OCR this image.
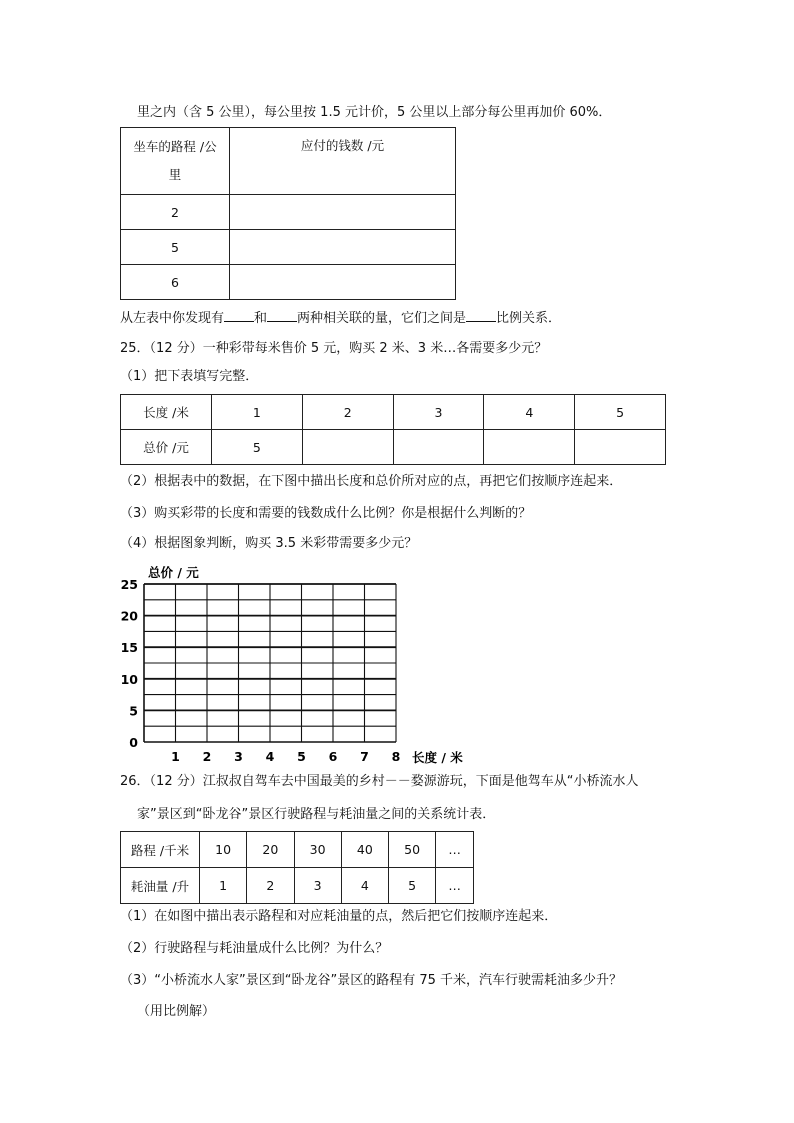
里之内（含 5 公里），每公里按 1.5 元计价，5 公里以上部分每公里再加价 60%．
坐车的路程 /公
里	应付的钱数 /元
2	
5	
6	
从左表中你发现有 和 两种相关联的量，它们之间是 比例关系．
25．（12 分）一种彩带每米售价 5 元，购买 2 米、3 米…各需要多少元？
（1）把下表填写完整．
长度 /米	1	2	3	4	5
总价 /元	5				
（2）根据表中的数据，在下图中描出长度和总价所对应的点，再把它们按顺序连起来．
（3）购买彩带的长度和需要的钱数成什么比例？你是根据什么判断的？
（4）根据图象判断，购买 3.5 米彩带需要多少元？
0
5
10
15
20
25
1 2 3 4 5 6 7 8
总价 / 元
长度 / 米
26．（12 分）江叔叔自驾车去中国最美的乡村－－婺源游玩，下面是他驾车从“小桥流水人
家”景区到“卧龙谷”景区行驶路程与耗油量之间的关系统计表．
路程 /千米	10	20	30	40	50	…
耗油量 /升	1	2	3	4	5	…
（1）在如图中描出表示路程和对应耗油量的点，然后把它们按顺序连起来．
（2）行驶路程与耗油量成什么比例？为什么？
（3）“小桥流水人家”景区到“卧龙谷”景区的路程有 75 千米，汽车行驶需耗油多少升？
（用比例解）
